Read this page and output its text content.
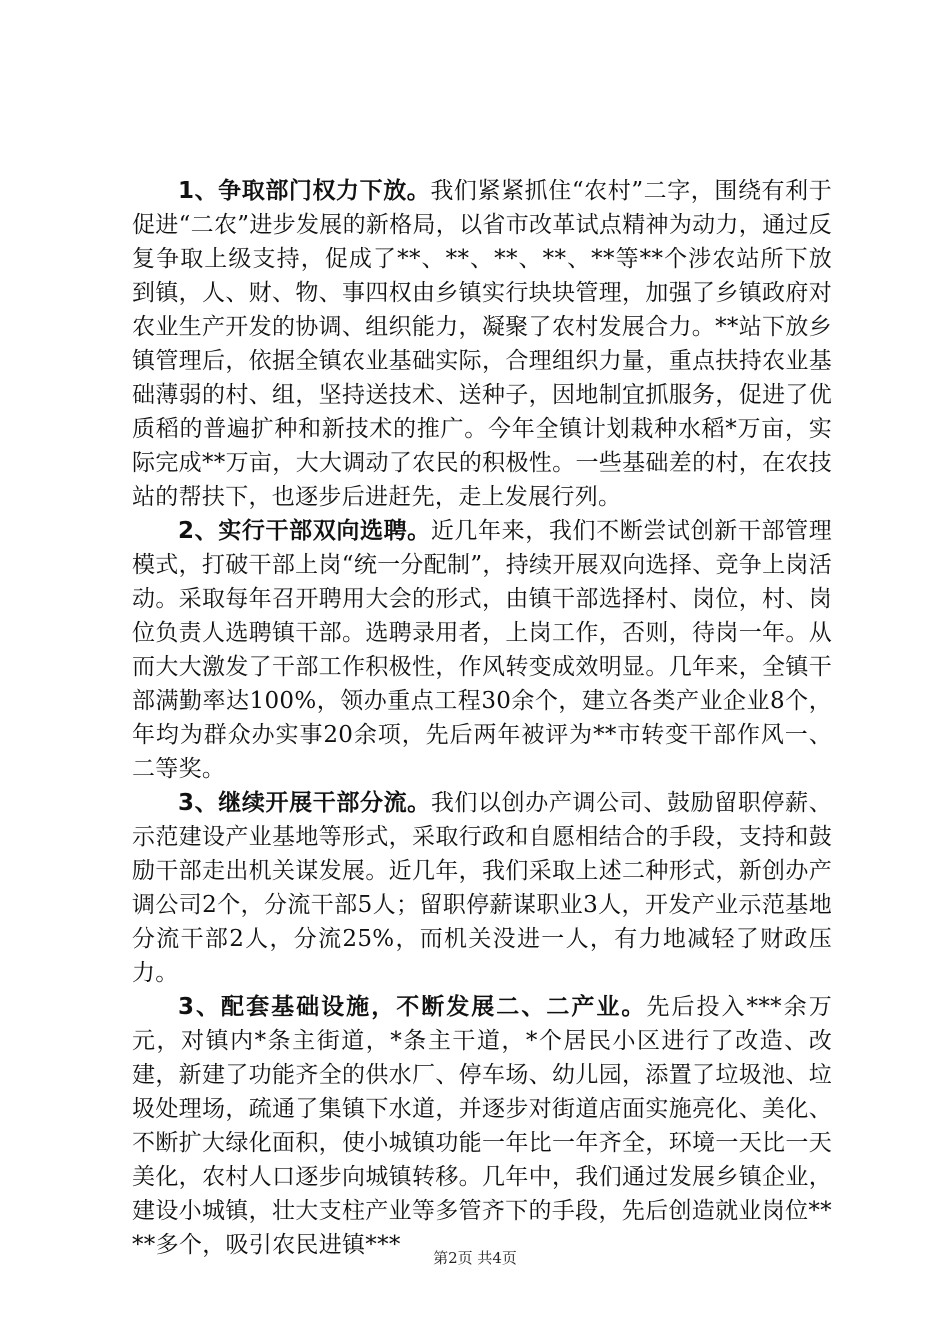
1、争取部门权力下放。我们紧紧抓住“农村”二字，围绕有利于促进“二农”进步发展的新格局，以省市改革试点精神为动力，通过反复争取上级支持，促成了**、**、**、**、**等**个涉农站所下放到镇，人、财、物、事四权由乡镇实行块块管理，加强了乡镇政府对农业生产开发的协调、组织能力，凝聚了农村发展合力。**站下放乡镇管理后，依据全镇农业基础实际，合理组织力量，重点扶持农业基础薄弱的村、组，坚持送技术、送种子，因地制宜抓服务，促进了优质稻的普遍扩种和新技术的推广。今年全镇计划栽种水稻*万亩，实际完成**万亩，大大调动了农民的积极性。一些基础差的村，在农技站的帮扶下，也逐步后进赶先，走上发展行列。

2、实行干部双向选聘。近几年来，我们不断尝试创新干部管理模式，打破干部上岗“统一分配制”，持续开展双向选择、竞争上岗活动。采取每年召开聘用大会的形式，由镇干部选择村、岗位，村、岗位负责人选聘镇干部。选聘录用者，上岗工作，否则，待岗一年。从而大大激发了干部工作积极性，作风转变成效明显。几年来，全镇干部满勤率达100%，领办重点工程30余个，建立各类产业企业8个，年均为群众办实事20余项，先后两年被评为**市转变干部作风一、二等奖。

3、继续开展干部分流。我们以创办产调公司、鼓励留职停薪、示范建设产业基地等形式，采取行政和自愿相结合的手段，支持和鼓励干部走出机关谋发展。近几年，我们采取上述二种形式，新创办产调公司2个，分流干部5人；留职停薪谋职业3人，开发产业示范基地分流干部2人，分流25%，而机关没进一人，有力地减轻了财政压力。

3、配套基础设施，不断发展二、二产业。先后投入***余万元，对镇内*条主街道，*条主干道，*个居民小区进行了改造、改建，新建了功能齐全的供水厂、停车场、幼儿园，添置了垃圾池、垃圾处理场，疏通了集镇下水道，并逐步对街道店面实施亮化、美化、不断扩大绿化面积，使小城镇功能一年比一年齐全，环境一天比一天美化，农村人口逐步向城镇转移。几年中，我们通过发展乡镇企业，建设小城镇，壮大支柱产业等多管齐下的手段，先后创造就业岗位****多个，吸引农民进镇***	第2页 共4页
